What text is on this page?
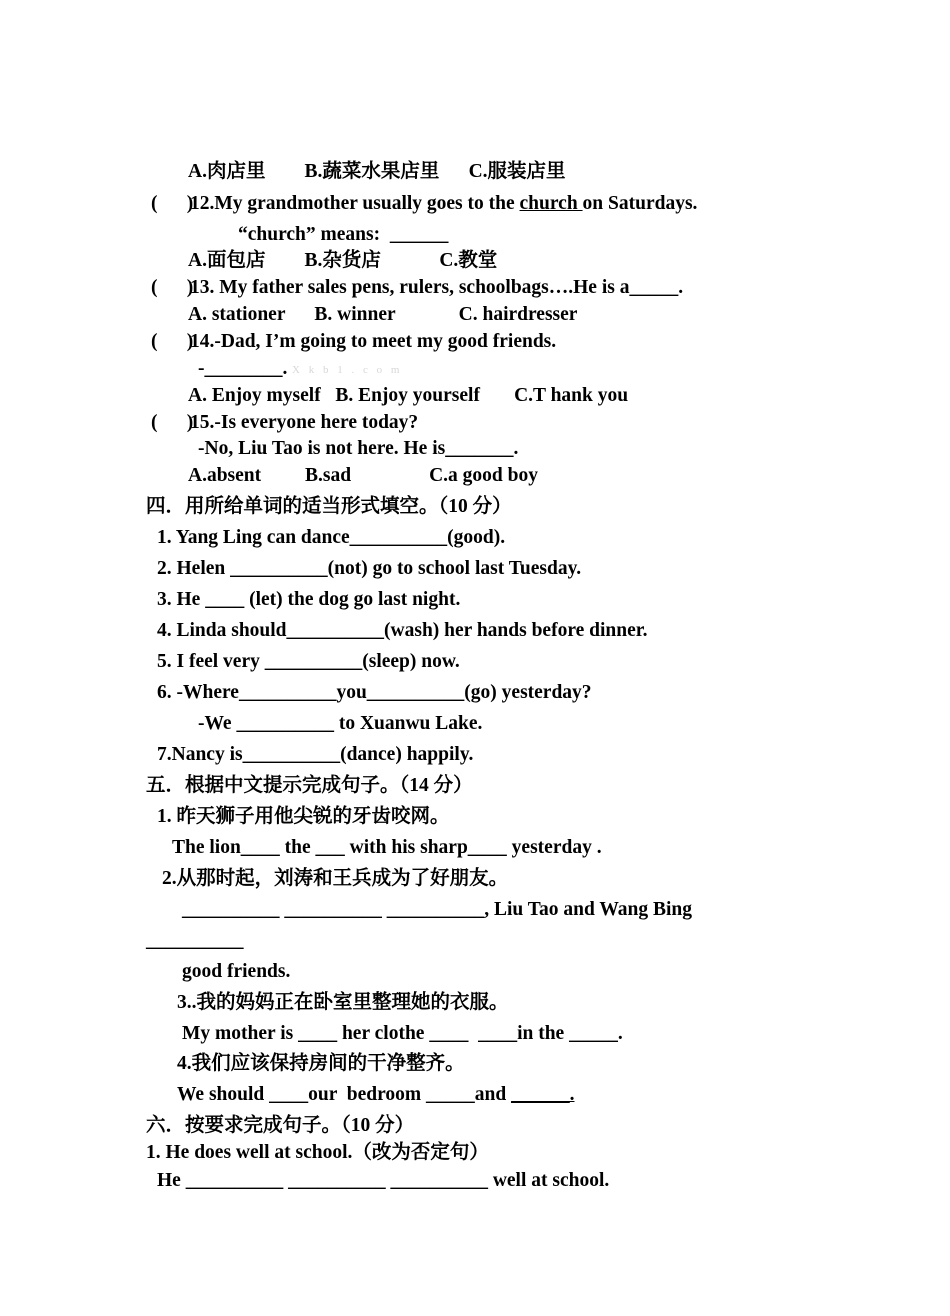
A.肉店里        B.蔬菜水果店里      C.服装店里
(      )
12.My grandmother usually goes to the church on Saturdays.
“church” means:  ______
A.面包店        B.杂货店            C.教堂
(      )
13. My father sales pens, rulers, schoolbags….He is a_____.
A. stationer      B. winner             C. hairdresser
(      )
14.-Dad, I’m going to meet my good friends.
-________. X k b 1 . c o m
A. Enjoy myself   B. Enjoy yourself       C.T hank you
(      )
15.-Is everyone here today?
-No, Liu Tao is not here. He is_______.
A.absent         B.sad                C.a good boy
四．用所给单词的适当形式填空。（10 分）
1. Yang Ling can dance__________(good).
2. Helen __________(not) go to school last Tuesday.
3. He ____ (let) the dog go last night.
4. Linda should__________(wash) her hands before dinner.
5. I feel very __________(sleep) now.
6. -Where__________you__________(go) yesterday?
-We __________ to Xuanwu Lake.
7.Nancy is__________(dance) happily.
五．根据中文提示完成句子。（14 分）
1. 昨天狮子用他尖锐的牙齿咬网。
The lion____ the ___ with his sharp____ yesterday .
2.从那时起，刘涛和王兵成为了好朋友。
__________ __________ __________, Liu Tao and Wang Bing
__________
good friends.
3..我的妈妈正在卧室里整理她的衣服。
My mother is ____ her clothe ____  ____in the _____.
4.我们应该保持房间的干净整齐。
We should ____our  bedroom _____and ______.
六．按要求完成句子。（10 分）
1. He does well at school.（改为否定句）
He __________ __________ __________ well at school.
